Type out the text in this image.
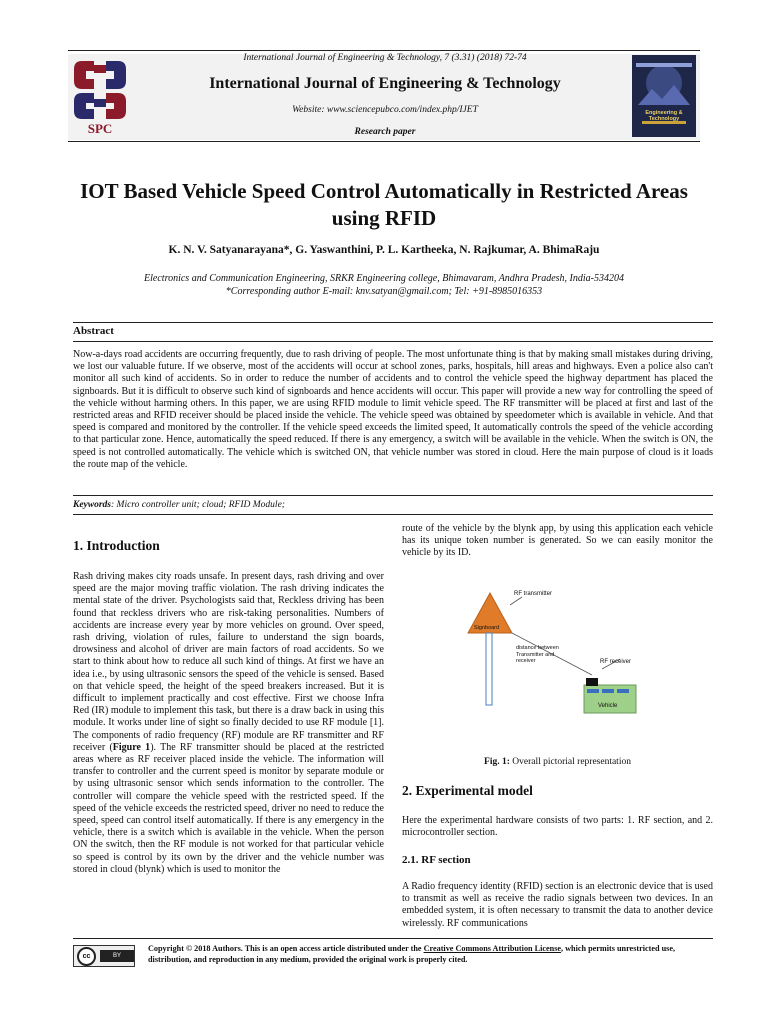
SPC
International Journal of Engineering & Technology, 7 (3.31) (2018) 72-74
International Journal of Engineering & Technology
Website: www.sciencepubco.com/index.php/IJET
Research paper
Engineering & Technology
IOT Based Vehicle Speed Control Automatically in Restricted Areas using RFID
K. N. V. Satyanarayana*, G. Yaswanthini, P. L. Kartheeka, N. Rajkumar, A. BhimaRaju
Electronics and Communication Engineering, SRKR Engineering college, Bhimavaram, Andhra Pradesh, India-534204
*Corresponding author E-mail: knv.satyan@gmail.com; Tel: +91-8985016353
Abstract
Now-a-days road accidents are occurring frequently, due to rash driving of people. The most unfortunate thing is that by making small mistakes during driving, we lost our valuable future. If we observe, most of the accidents will occur at school zones, parks, hospitals, hill areas and highways. Even a police also can't monitor all such kind of accidents. So in order to reduce the number of accidents and to control the vehicle speed the highway department has placed the signboards. But it is difficult to observe such kind of signboards and hence accidents will occur. This paper will provide a new way for controlling the speed of the vehicle without harming others. In this paper, we are using RFID module to limit vehicle speed. The RF transmitter will be placed at first and last of the restricted areas and RFID receiver should be placed inside the vehicle. The vehicle speed was obtained by speedometer which is available in vehicle. And that speed is compared and monitored by the controller. If the vehicle speed exceeds the limited speed, It automatically controls the speed of the vehicle according to that particular zone. Hence, automatically the speed reduced. If there is any emergency, a switch will be available in the vehicle. When the switch is ON, the speed is not controlled automatically. The vehicle which is switched ON, that vehicle number was stored in cloud. Here the main purpose of cloud is it loads the route map of the vehicle.
Keywords: Micro controller unit; cloud; RFID Module;
1. Introduction
Rash driving makes city roads unsafe. In present days, rash driving and over speed are the major moving traffic violation. The rash driving indicates the mental state of the driver. Psychologists said that, Reckless driving has been found that reckless drivers who are risk-taking personalities. Numbers of accidents are increase every year by more vehicles on ground. Over speed, rash driving, violation of rules, failure to understand the sign boards, drowsiness and alcohol of driver are main factors of road accidents. So we start to think about how to reduce all such kind of things. At first we have an idea i.e., by using ultrasonic sensors the speed of the vehicle is sensed. Based on that vehicle speed, the height of the speed breakers increased. But it is difficult to implement practically and cost effective. First we choose Infra Red (IR) module to implement this task, but there is a draw back in using this module. It works under line of sight so finally decided to use RF module [1]. The components of radio frequency (RF) module are RF transmitter and RF receiver (Figure 1). The RF transmitter should be placed at the restricted areas where as RF receiver placed inside the vehicle. The information will transfer to controller and the current speed is monitor by separate module or by using ultrasonic sensor which sends information to the controller. The controller will compare the vehicle speed with the restricted speed. If the speed of the vehicle exceeds the restricted speed, driver no need to reduce the speed, speed can control itself automatically. If there is any emergency in the vehicle, there is a switch which is available in the vehicle. When the person ON the switch, then the RF module is not worked for that particular vehicle so speed is control by its own by the driver and the vehicle number was stored in cloud (blynk) which is used to monitor the
route of the vehicle by the blynk app, by using this application each vehicle has its unique token number is generated. So we can easily monitor the vehicle by its ID.
RF transmitter
Signboard
distance between Transmitter and receiver	RF receiver
Vehicle
Fig. 1: Overall pictorial representation
2. Experimental model
Here the experimental hardware consists of two parts: 1. RF section, and 2. microcontroller section.
2.1. RF section
A Radio frequency identity (RFID) section is an electronic device that is used to transmit as well as receive the radio signals between two devices. In an embedded system, it is often necessary to transmit the data to another device wirelessly. RF communications
cc	BY
Copyright © 2018 Authors. This is an open access article distributed under the Creative Commons Attribution License, which permits unrestricted use, distribution, and reproduction in any medium, provided the original work is properly cited.
